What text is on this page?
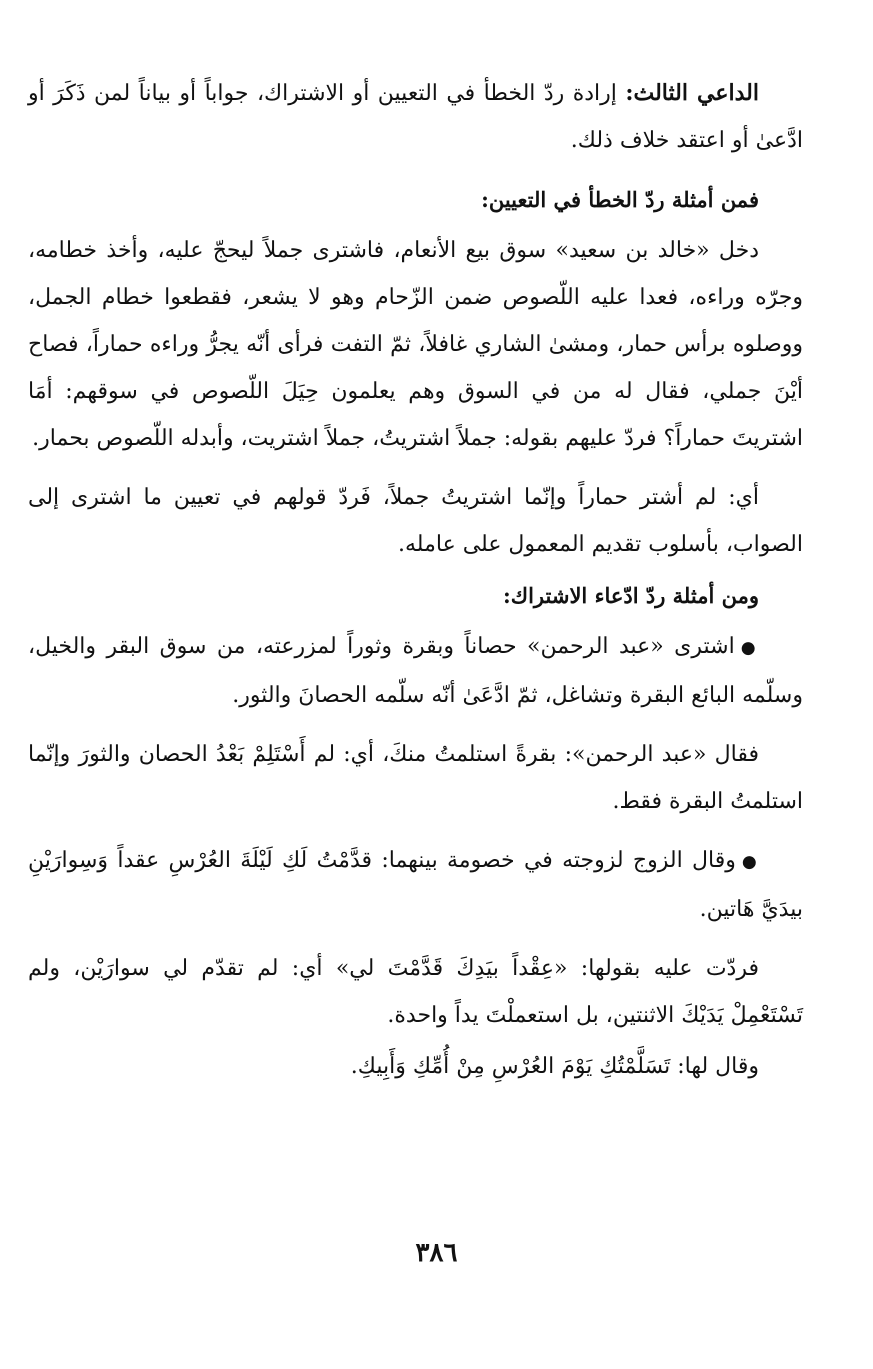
الداعي الثالث: إرادة ردّ الخطأ في التعيين أو الاشتراك، جواباً أو بياناً لمن ذَكَرَ أو ادَّعىٰ أو اعتقد خلاف ذلك.

فمن أمثلة ردّ الخطأ في التعيين:

دخل «خالد بن سعيد» سوق بيع الأنعام، فاشترى جملاً ليحجّ عليه، وأخذ خطامه، وجرّه وراءه، فعدا عليه اللّصوص ضمن الزّحام وهو لا يشعر، فقطعوا خطام الجمل، ووصلوه برأس حمار، ومشىٰ الشاري غافلاً، ثمّ التفت فرأى أنّه يجرُّ وراءه حماراً، فصاح أيْنَ جملي، فقال له من في السوق وهم يعلمون حِيَلَ اللّصوص في سوقهم: أمَا اشتريتَ حماراً؟ فردّ عليهم بقوله: جملاً اشتريتُ، جملاً اشتريت، وأبدله اللّصوص بحمار.

أي: لم أشتر حماراً وإنّما اشتريتُ جملاً، فَردّ قولهم في تعيين ما اشترى إلى الصواب، بأسلوب تقديم المعمول على عامله.

ومن أمثلة ردّ ادّعاء الاشتراك:

●اشترى «عبد الرحمن» حصاناً وبقرة وثوراً لمزرعته، من سوق البقر والخيل، وسلّمه البائع البقرة وتشاغل، ثمّ ادَّعَىٰ أنّه سلّمه الحصانَ والثور.

فقال «عبد الرحمن»: بقرةً استلمتُ منكَ، أي: لم أَسْتَلِمْ بَعْدُ الحصان والثورَ وإنّما استلمتُ البقرة فقط.

●وقال الزوج لزوجته في خصومة بينهما: قدَّمْتُ لَكِ لَيْلَةَ العُرْسِ عقداً وَسِوارَيْنِ بيدَيَّ هَاتين.

فردّت عليه بقولها: «عِقْداً بيَدِكَ قَدَّمْتَ لي» أي: لم تقدّم لي سوارَيْن، ولم تَسْتَعْمِلْ يَدَيْكَ الاثنتين، بل استعملْتَ يداً واحدة.

وقال لها: تَسَلَّمْتُكِ يَوْمَ العُرْسِ مِنْ أُمِّكِ وَأَبِيكِ.

٣٨٦
